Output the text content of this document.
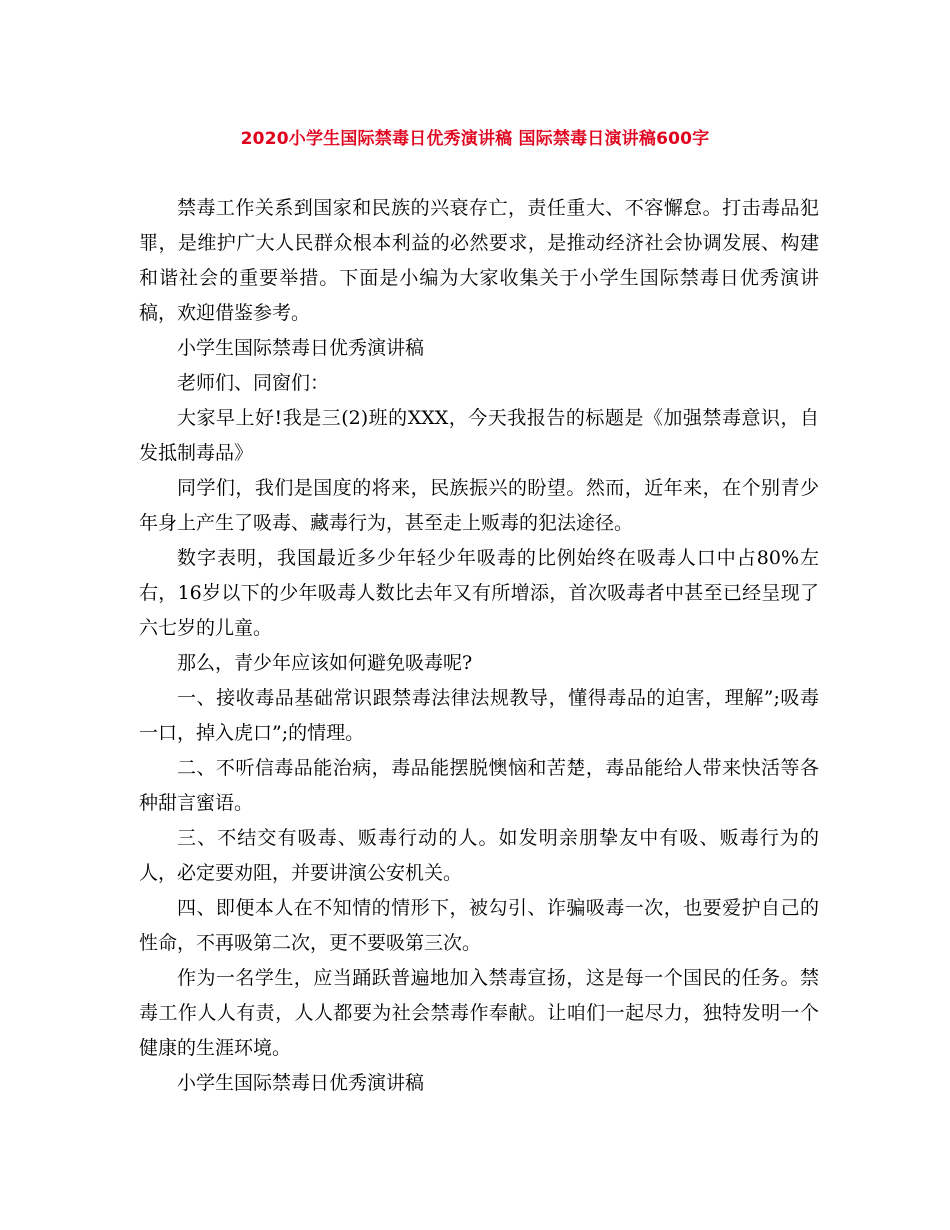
2020小学生国际禁毒日优秀演讲稿 国际禁毒日演讲稿600字

禁毒工作关系到国家和民族的兴衰存亡，责任重大、不容懈怠。打击毒品犯罪，是维护广大人民群众根本利益的必然要求，是推动经济社会协调发展、构建和谐社会的重要举措。下面是小编为大家收集关于小学生国际禁毒日优秀演讲稿，欢迎借鉴参考。

小学生国际禁毒日优秀演讲稿

老师们、同窗们：

大家早上好!我是三(2)班的XXX，今天我报告的标题是《加强禁毒意识，自发抵制毒品》

同学们，我们是国度的将来，民族振兴的盼望。然而，近年来，在个别青少年身上产生了吸毒、藏毒行为，甚至走上贩毒的犯法途径。

数字表明，我国最近多少年轻少年吸毒的比例始终在吸毒人口中占80%左右，16岁以下的少年吸毒人数比去年又有所增添，首次吸毒者中甚至已经呈现了六七岁的儿童。

那么，青少年应该如何避免吸毒呢?

一、接收毒品基础常识跟禁毒法律法规教导，懂得毒品的迫害，理解”;吸毒一口，掉入虎口”;的情理。

二、不听信毒品能治病，毒品能摆脱懊恼和苦楚，毒品能给人带来快活等各种甜言蜜语。

三、不结交有吸毒、贩毒行动的人。如发明亲朋挚友中有吸、贩毒行为的人，必定要劝阻，并要讲演公安机关。

四、即便本人在不知情的情形下，被勾引、诈骗吸毒一次，也要爱护自己的性命，不再吸第二次，更不要吸第三次。

作为一名学生，应当踊跃普遍地加入禁毒宣扬，这是每一个国民的任务。禁毒工作人人有责，人人都要为社会禁毒作奉献。让咱们一起尽力，独特发明一个健康的生涯环境。

小学生国际禁毒日优秀演讲稿
